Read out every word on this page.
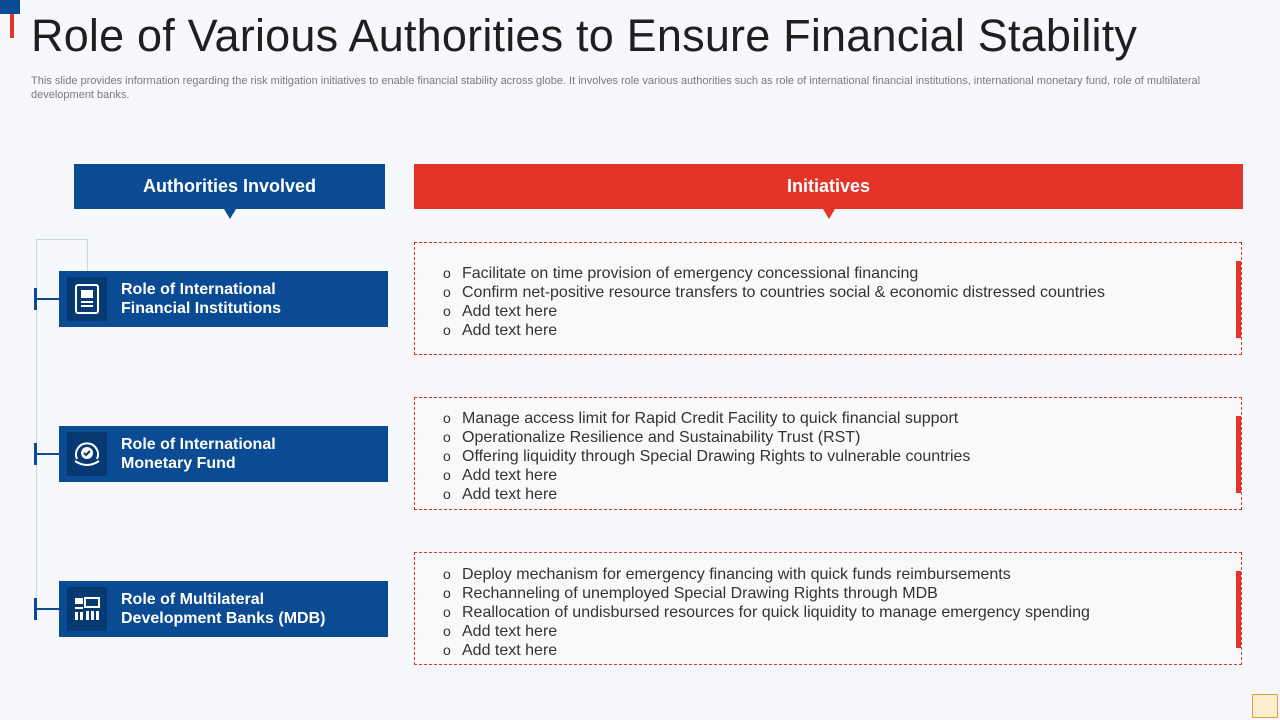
Role of Various Authorities to Ensure Financial Stability
This slide provides information regarding the risk mitigation initiatives to enable financial stability across globe. It involves role various authorities such as role of international financial institutions, international monetary fund, role of multilateral development banks.
Authorities Involved	Initiatives
Role of International
Financial Institutions
o Facilitate on time provision of emergency concessional financing
o Confirm net-positive resource transfers to countries social & economic distressed countries
o Add text here
o Add text here
Role of International
Monetary Fund
o Manage access limit for Rapid Credit Facility to quick financial support
o Operationalize Resilience and Sustainability Trust (RST)
o Offering liquidity through Special Drawing Rights to vulnerable countries
o Add text here
o Add text here
Role of Multilateral
Development Banks (MDB)
o Deploy mechanism for emergency financing with quick funds reimbursements
o Rechanneling of unemployed Special Drawing Rights through MDB
o Reallocation of undisbursed resources for quick liquidity to manage emergency spending
o Add text here
o Add text here
